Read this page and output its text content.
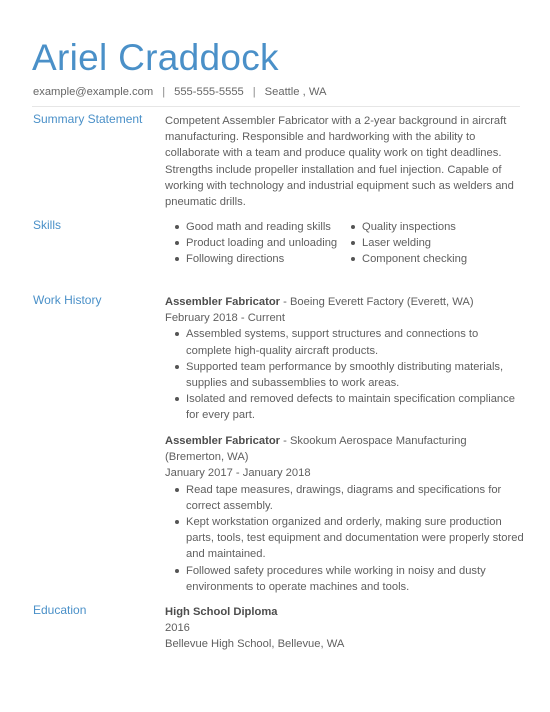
Ariel Craddock
example@example.com | 555-555-5555 | Seattle , WA
Summary Statement Competent Assembler Fabricator with a 2-year background in aircraft manufacturing. Responsible and hardworking with the ability to collaborate with a team and produce quality work on tight deadlines. Strengths include propeller installation and fuel injection. Capable of working with technology and industrial equipment such as welders and pneumatic drills.
Skills	Good math and reading skills
Product loading and unloading
Following directions
Quality inspections
Laser welding
Component checking
Work History	Assembler Fabricator - Boeing Everett Factory (Everett, WA)
February 2018 - Current
Assembled systems, support structures and connections to complete high-quality aircraft products.
Supported team performance by smoothly distributing materials, supplies and subassemblies to work areas.
Isolated and removed defects to maintain specification compliance for every part.
Assembler Fabricator - Skookum Aerospace Manufacturing (Bremerton, WA)
January 2017 - January 2018
Read tape measures, drawings, diagrams and specifications for correct assembly.
Kept workstation organized and orderly, making sure production parts, tools, test equipment and documentation were properly stored and maintained.
Followed safety procedures while working in noisy and dusty environments to operate machines and tools.
Education	High School Diploma
2016
Bellevue High School, Bellevue, WA
